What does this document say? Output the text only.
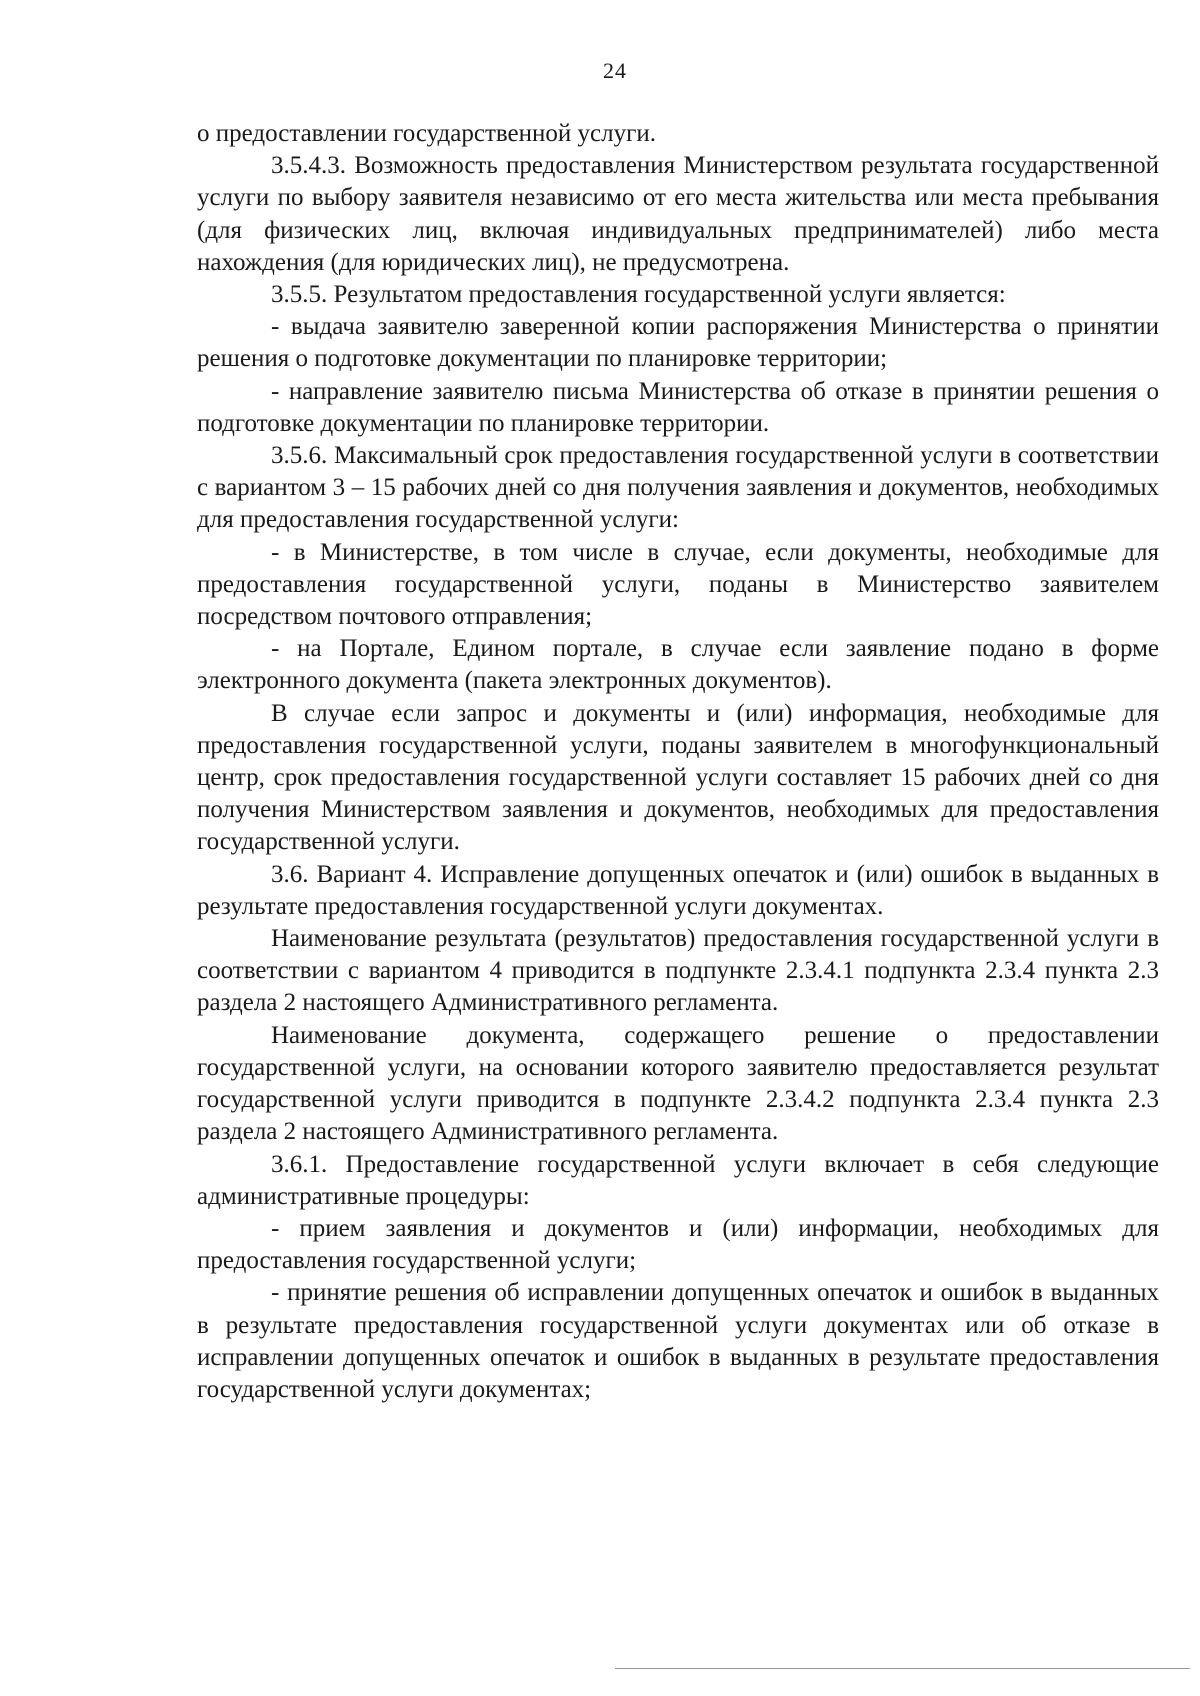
24

о предоставлении государственной услуги.

3.5.4.3. Возможность предоставления Министерством результата государственной услуги по выбору заявителя независимо от его места жительства или места пребывания (для физических лиц, включая индивидуальных предпринимателей) либо места нахождения (для юридических лиц), не предусмотрена.

3.5.5. Результатом предоставления государственной услуги является:

- выдача заявителю заверенной копии распоряжения Министерства о принятии решения о подготовке документации по планировке территории;

- направление заявителю письма Министерства об отказе в принятии решения о подготовке документации по планировке территории.

3.5.6. Максимальный срок предоставления государственной услуги в соответствии с вариантом 3 – 15 рабочих дней со дня получения заявления и документов, необходимых для предоставления государственной услуги:

- в Министерстве, в том числе в случае, если документы, необходимые для предоставления государственной услуги, поданы в Министерство заявителем посредством почтового отправления;

- на Портале, Едином портале, в случае если заявление подано в форме электронного документа (пакета электронных документов).

В случае если запрос и документы и (или) информация, необходимые для предоставления государственной услуги, поданы заявителем в многофункциональный центр, срок предоставления государственной услуги составляет 15 рабочих дней со дня получения Министерством заявления и документов, необходимых для предоставления государственной услуги.

3.6. Вариант 4. Исправление допущенных опечаток и (или) ошибок в выданных в результате предоставления государственной услуги документах.

Наименование результата (результатов) предоставления государственной услуги в соответствии с вариантом 4 приводится в подпункте 2.3.4.1 подпункта 2.3.4 пункта 2.3 раздела 2 настоящего Административного регламента.

Наименование документа, содержащего решение о предоставлении государственной услуги, на основании которого заявителю предоставляется результат государственной услуги приводится в подпункте 2.3.4.2 подпункта 2.3.4 пункта 2.3 раздела 2 настоящего Административного регламента.

3.6.1. Предоставление государственной услуги включает в себя следующие административные процедуры:

- прием заявления и документов и (или) информации, необходимых для предоставления государственной услуги;

- принятие решения об исправлении допущенных опечаток и ошибок в выданных в результате предоставления государственной услуги документах или об отказе в исправлении допущенных опечаток и ошибок в выданных в результате предоставления государственной услуги документах;
